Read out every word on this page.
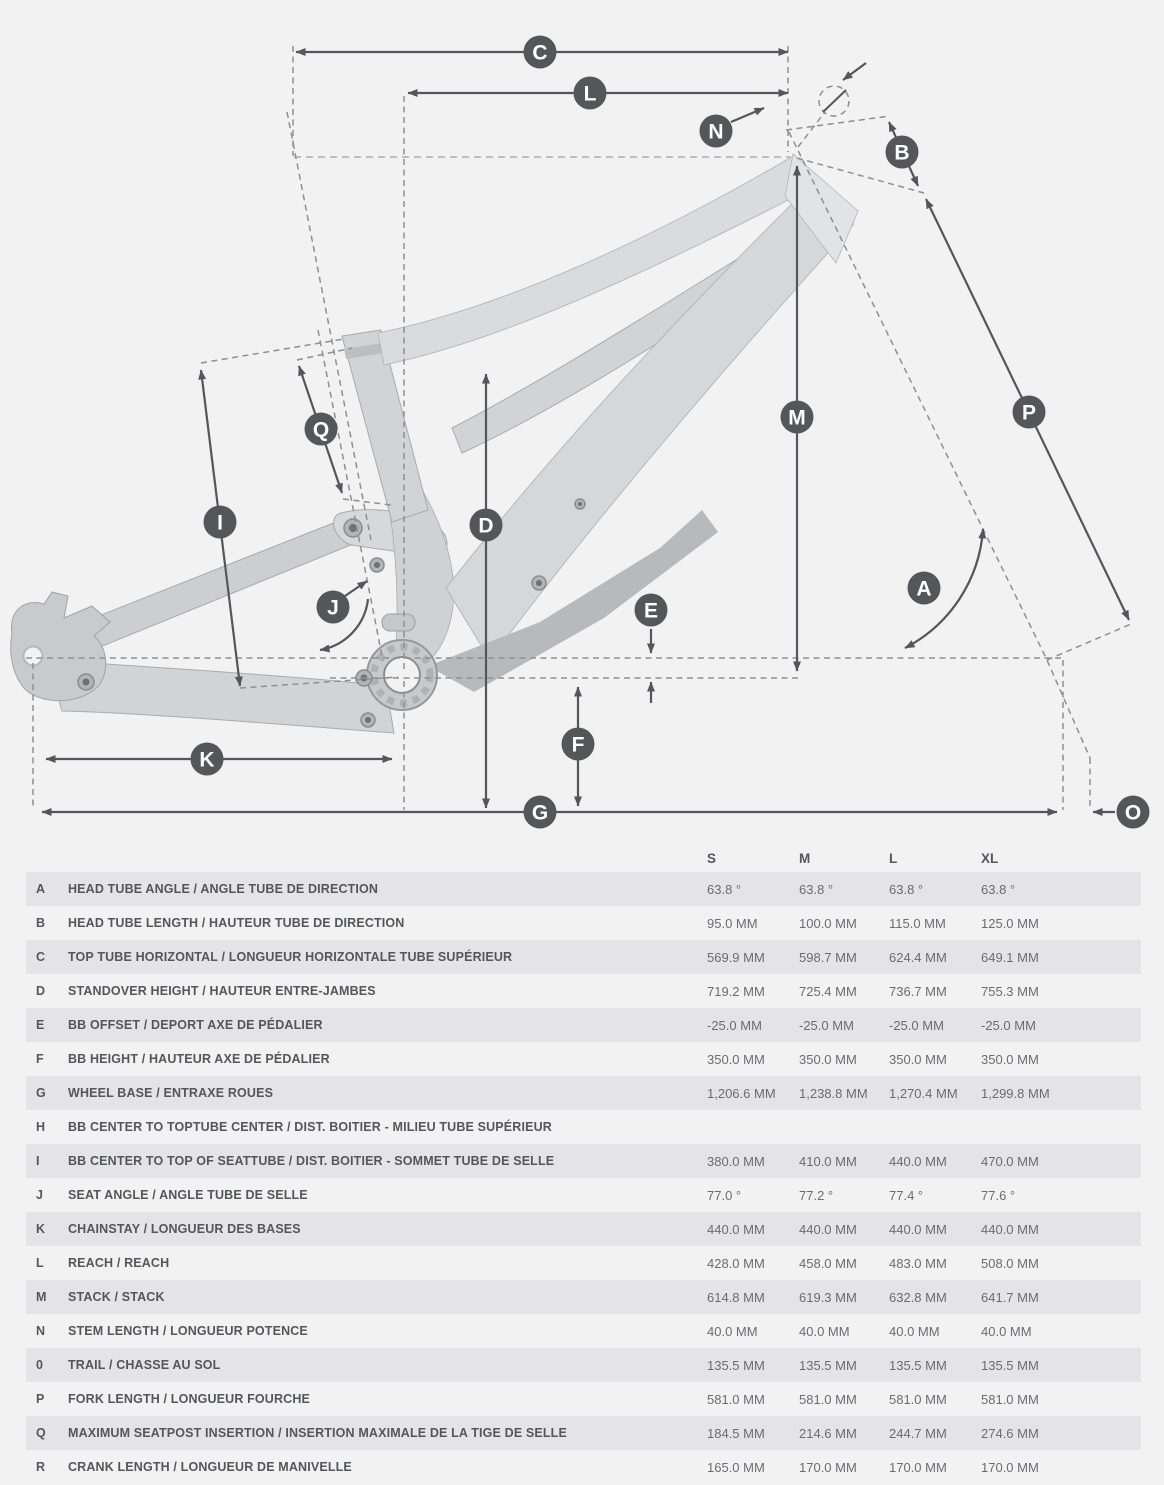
C
L
N
B
Q
M	P
I	D
J	E
A
F
K
G	O
S	M	L	XL
A	HEAD TUBE ANGLE / ANGLE TUBE DE DIRECTION	63.8 °	63.8 °	63.8 °	63.8 °
B	HEAD TUBE LENGTH / HAUTEUR TUBE DE DIRECTION	95.0 MM	100.0 MM	115.0 MM	125.0 MM
C	TOP TUBE HORIZONTAL / LONGUEUR HORIZONTALE TUBE SUPÉRIEUR	569.9 MM	598.7 MM	624.4 MM	649.1 MM
D	STANDOVER HEIGHT / HAUTEUR ENTRE-JAMBES	719.2 MM	725.4 MM	736.7 MM	755.3 MM
E	BB OFFSET / DEPORT AXE DE PÉDALIER	-25.0 MM	-25.0 MM	-25.0 MM	-25.0 MM
F	BB HEIGHT / HAUTEUR AXE DE PÉDALIER	350.0 MM	350.0 MM	350.0 MM	350.0 MM
G	WHEEL BASE / ENTRAXE ROUES	1,206.6 MM	1,238.8 MM	1,270.4 MM	1,299.8 MM
H	BB CENTER TO TOPTUBE CENTER / DIST. BOITIER - MILIEU TUBE SUPÉRIEUR
I	BB CENTER TO TOP OF SEATTUBE / DIST. BOITIER - SOMMET TUBE DE SELLE	380.0 MM	410.0 MM	440.0 MM	470.0 MM
J	SEAT ANGLE / ANGLE TUBE DE SELLE	77.0 °	77.2 °	77.4 °	77.6 °
K	CHAINSTAY / LONGUEUR DES BASES	440.0 MM	440.0 MM	440.0 MM	440.0 MM
L	REACH / REACH	428.0 MM	458.0 MM	483.0 MM	508.0 MM
M	STACK / STACK	614.8 MM	619.3 MM	632.8 MM	641.7 MM
N	STEM LENGTH / LONGUEUR POTENCE	40.0 MM	40.0 MM	40.0 MM	40.0 MM
0	TRAIL / CHASSE AU SOL	135.5 MM	135.5 MM	135.5 MM	135.5 MM
P	FORK LENGTH / LONGUEUR FOURCHE	581.0 MM	581.0 MM	581.0 MM	581.0 MM
Q	MAXIMUM SEATPOST INSERTION / INSERTION MAXIMALE DE LA TIGE DE SELLE	184.5 MM	214.6 MM	244.7 MM	274.6 MM
R	CRANK LENGTH / LONGUEUR DE MANIVELLE	165.0 MM	170.0 MM	170.0 MM	170.0 MM
